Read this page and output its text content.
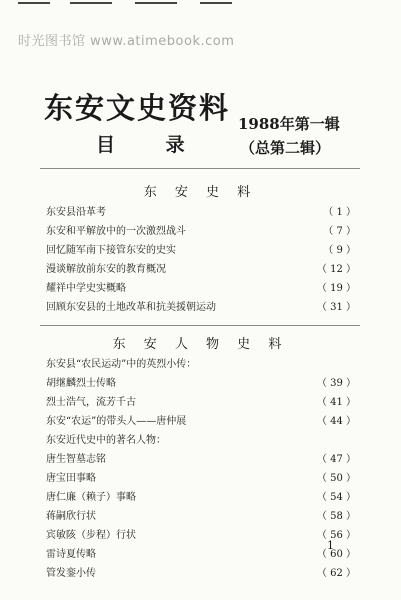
时光图书馆 www.atimebook.com
东安文史资料
目 录
1988年第一辑
（总第二辑）
东 安 史 料
东安县沿革考	（ 1 ）
东安和平解放中的一次激烈战斗	（ 7 ）
回忆随军南下接管东安的史实	（ 9 ）
漫谈解放前东安的教育概况	（ 12 ）
耀祥中学史实概略	（ 19 ）
回顾东安县的土地改革和抗美援朝运动	（ 31 ）
东 安 人 物 史 料
东安县“农民运动”中的英烈小传：
胡继麟烈士传略	（ 39 ）
烈士浩气，流芳千古	（ 41 ）
东安“农运”的带头人——唐仲展	（ 44 ）
东安近代史中的著名人物：
唐生智墓志铭	（ 47 ）
唐宝田事略	（ 50 ）
唐仁廉（赖子）事略	（ 54 ）
蒋嗣欣行状	（ 58 ）
宾敏陔（步程）行状	（ 56 ）
雷诗夏传略	（ 60 ）
管发銮小传	（ 62 ）
1
